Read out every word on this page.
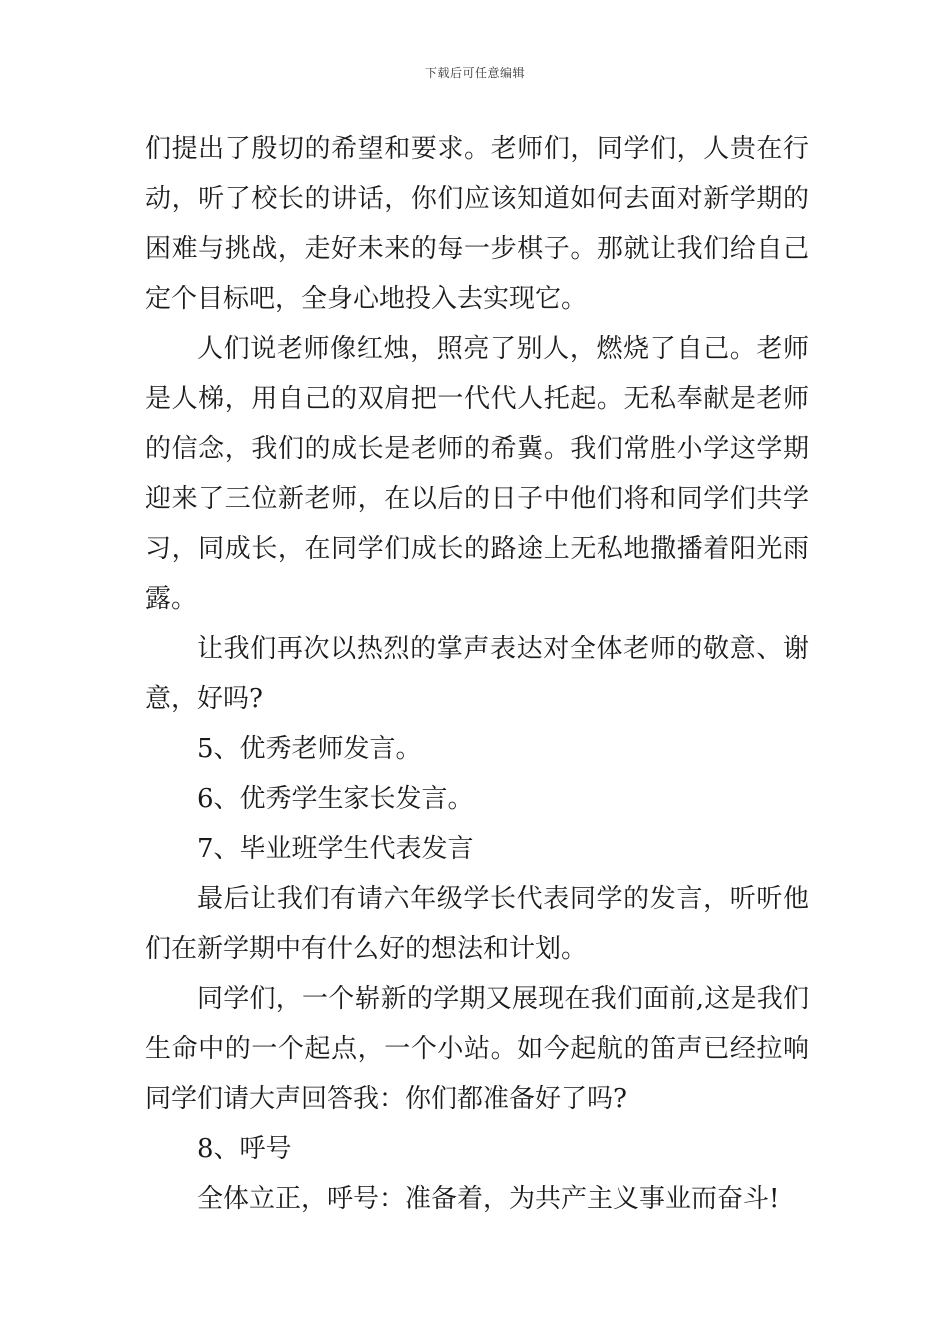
下载后可任意编辑

们提出了殷切的希望和要求。老师们，同学们，人贵在行动，听了校长的讲话，你们应该知道如何去面对新学期的困难与挑战，走好未来的每一步棋子。那就让我们给自己定个目标吧，全身心地投入去实现它。

人们说老师像红烛，照亮了别人，燃烧了自己。老师是人梯，用自己的双肩把一代代人托起。无私奉献是老师的信念，我们的成长是老师的希冀。我们常胜小学这学期迎来了三位新老师，在以后的日子中他们将和同学们共学习，同成长，在同学们成长的路途上无私地撒播着阳光雨露。

让我们再次以热烈的掌声表达对全体老师的敬意、谢意，好吗?

5、优秀老师发言。

6、优秀学生家长发言。

7、毕业班学生代表发言

最后让我们有请六年级学长代表同学的发言，听听他们在新学期中有什么好的想法和计划。

同学们，一个崭新的学期又展现在我们面前,这是我们生命中的一个起点，一个小站。如今起航的笛声已经拉响同学们请大声回答我：你们都准备好了吗?

8、呼号

全体立正，呼号：准备着，为共产主义事业而奋斗!
